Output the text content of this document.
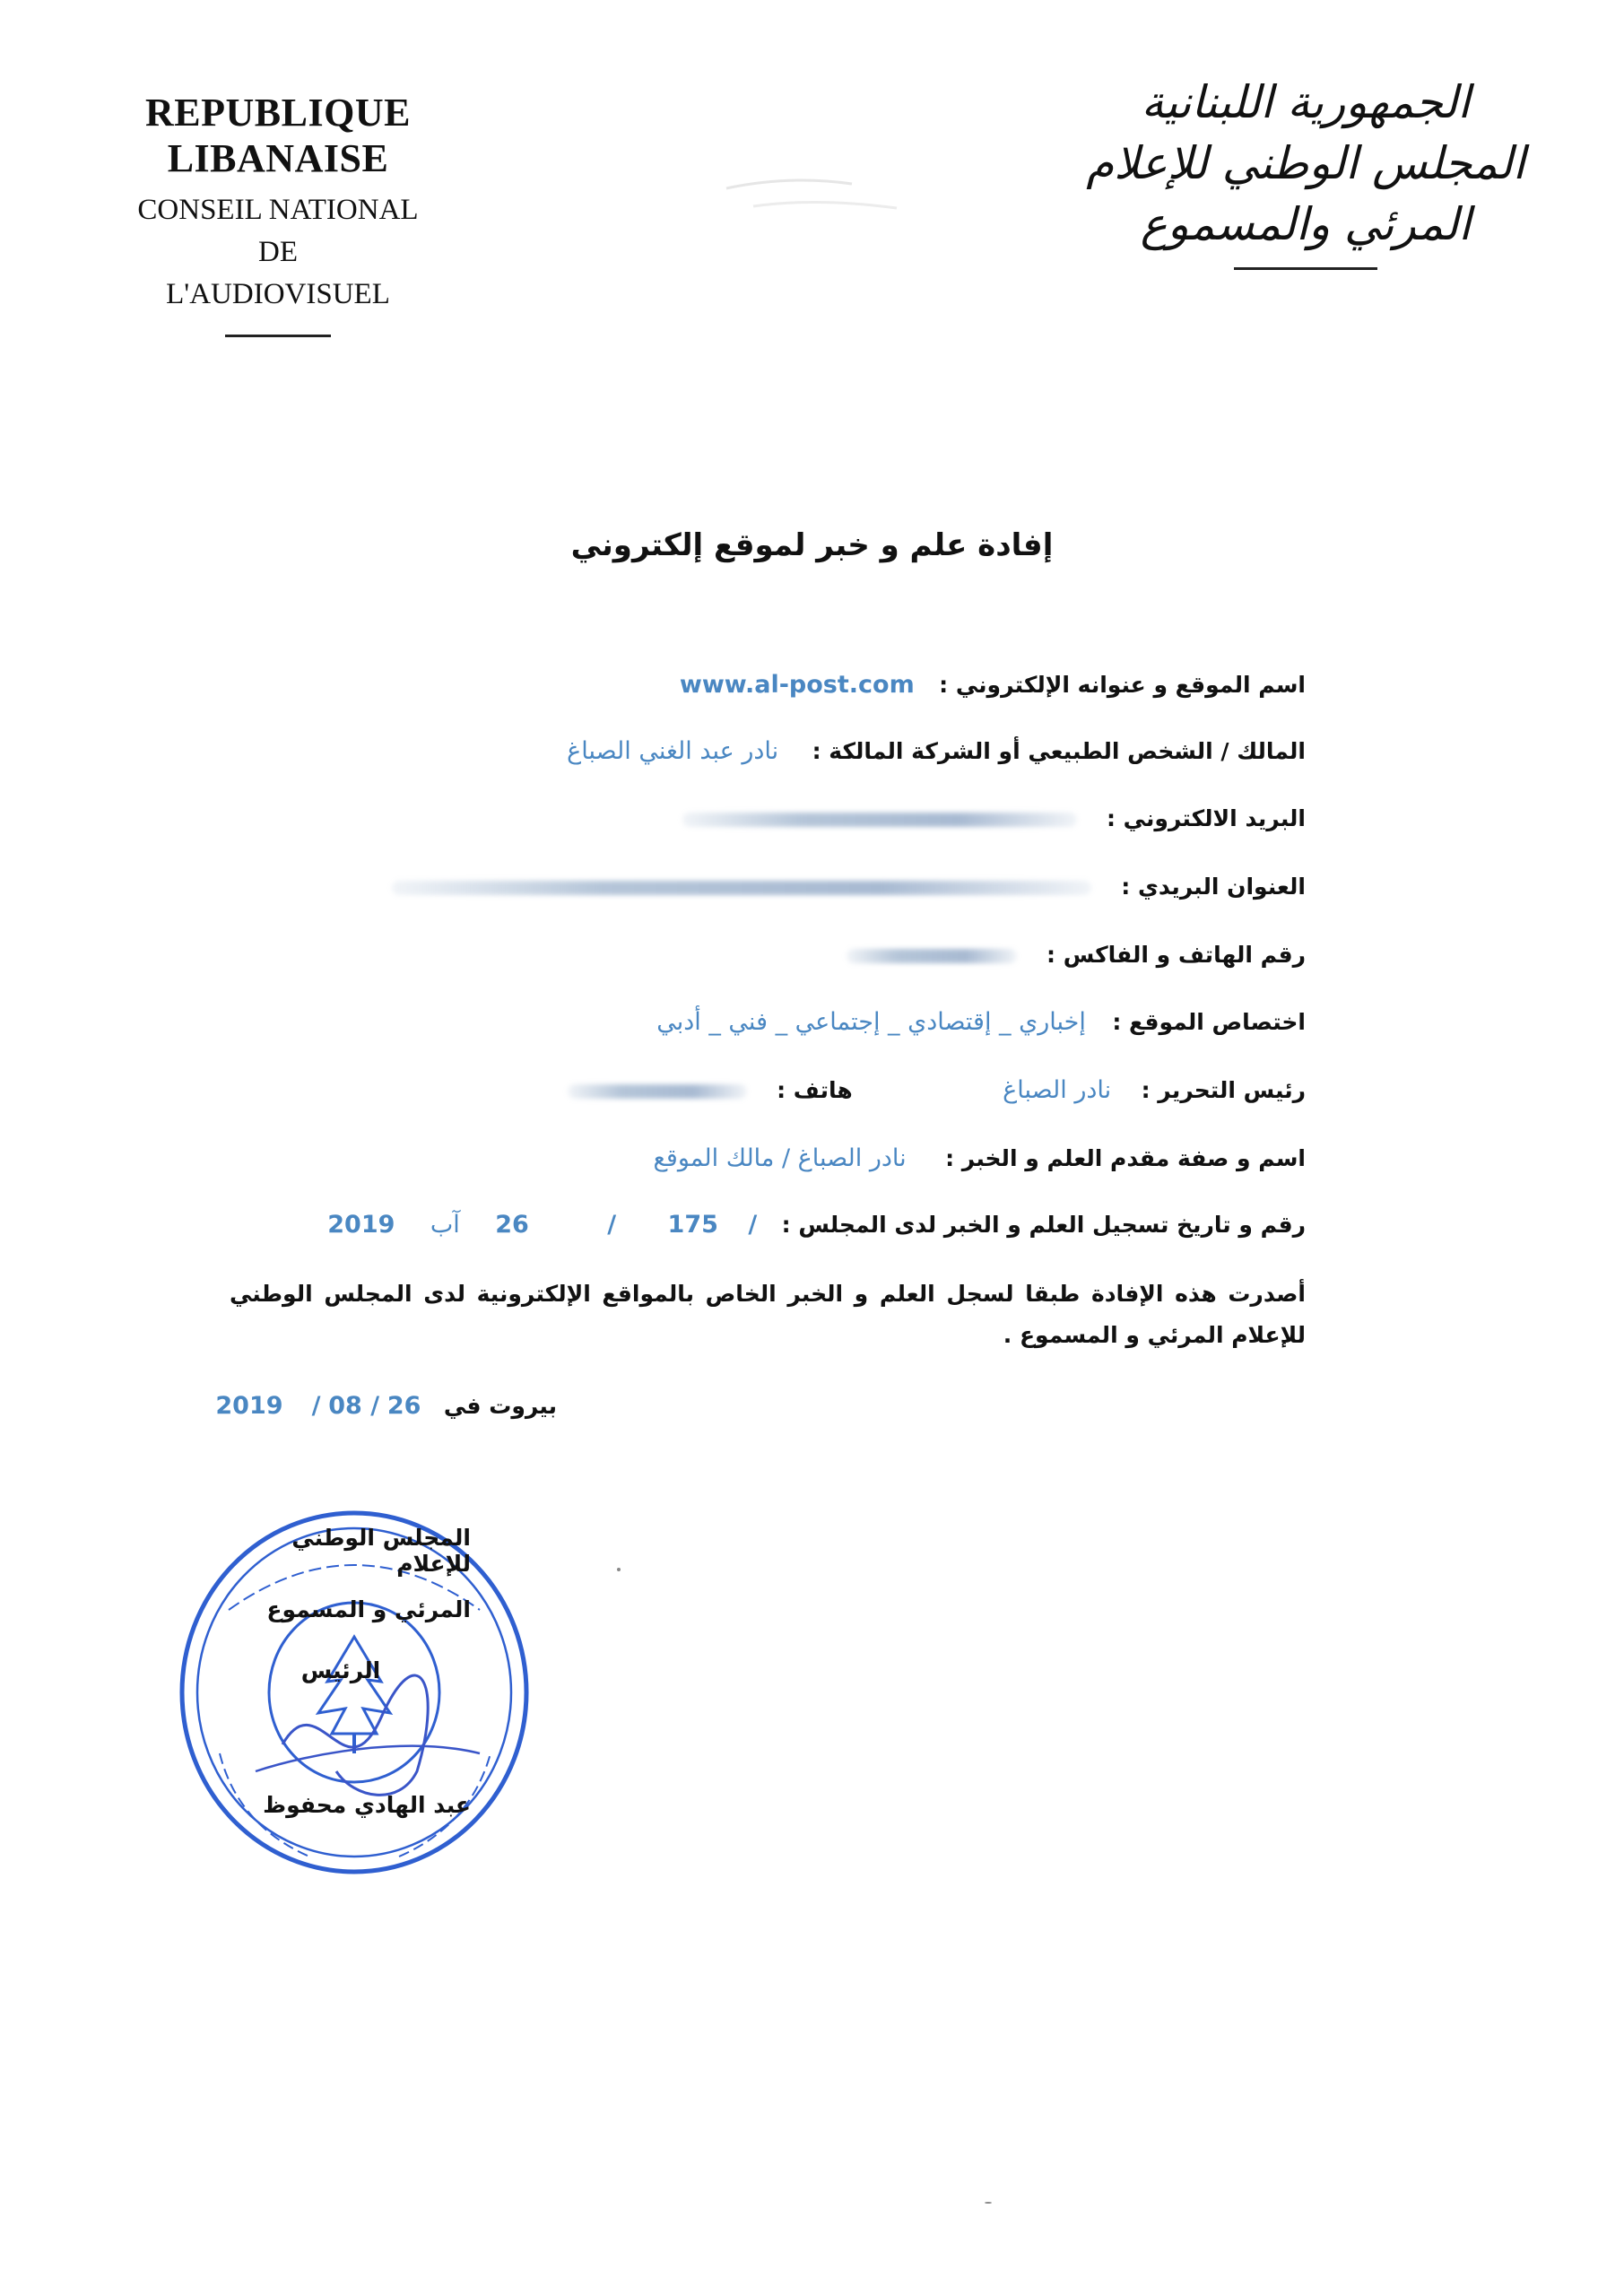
REPUBLIQUE LIBANAISE
CONSEIL NATIONAL
DE
L'AUDIOVISUEL
الجمهورية اللبنانية
المجلس الوطني للإعلام
المرئي والمسموع
إفادة علم و خبر لموقع إلكتروني
اسم الموقع و عنوانه الإلكتروني :  www.al-post.com
المالك / الشخص الطبيعي أو الشركة المالكة :  نادر عبد الغني الصباغ
البريد الالكتروني :
العنوان البريدي :
رقم الهاتف و الفاكس :
اختصاص الموقع :  إخباري _ إقتصادي _ إجتماعي _ فني _ أدبي
رئيس التحرير :  نادر الصباغ  هاتف :
اسم و صفة مقدم العلم و الخبر :  نادر الصباغ / مالك الموقع
رقم و تاريخ تسجيل العلم و الخبر لدى المجلس :  /  175  /  26  آب  2019
أصدرت هذه الإفادة طبقا لسجل العلم و الخبر الخاص بالمواقع الإلكترونية لدى المجلس الوطني للإعلام المرئي و المسموع .
بيروت في  26 / 08 /  2019
المجلس الوطني للإعلام
المرئي و المسموع
الرئيس
عبد الهادي محفوظ
